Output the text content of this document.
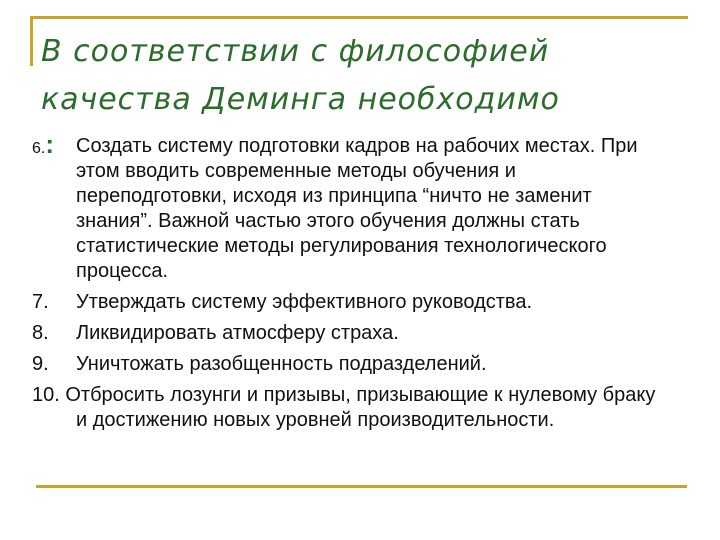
В соответствии с философией качества Деминга необходимо
6.:	Создать систему подготовки кадров на рабочих местах. При этом вводить современные методы обучения и переподготовки, исходя из принципа “ничто не заменит знания”. Важной частью этого обучения должны стать статистические методы регулирования технологического процесса.
7.	Утверждать систему эффективного руководства.
8.	Ликвидировать атмосферу страха.
9.	Уничтожать разобщенность подразделений.
10. Отбросить лозунги и призывы, призывающие к нулевому браку и достижению новых уровней производительности.
